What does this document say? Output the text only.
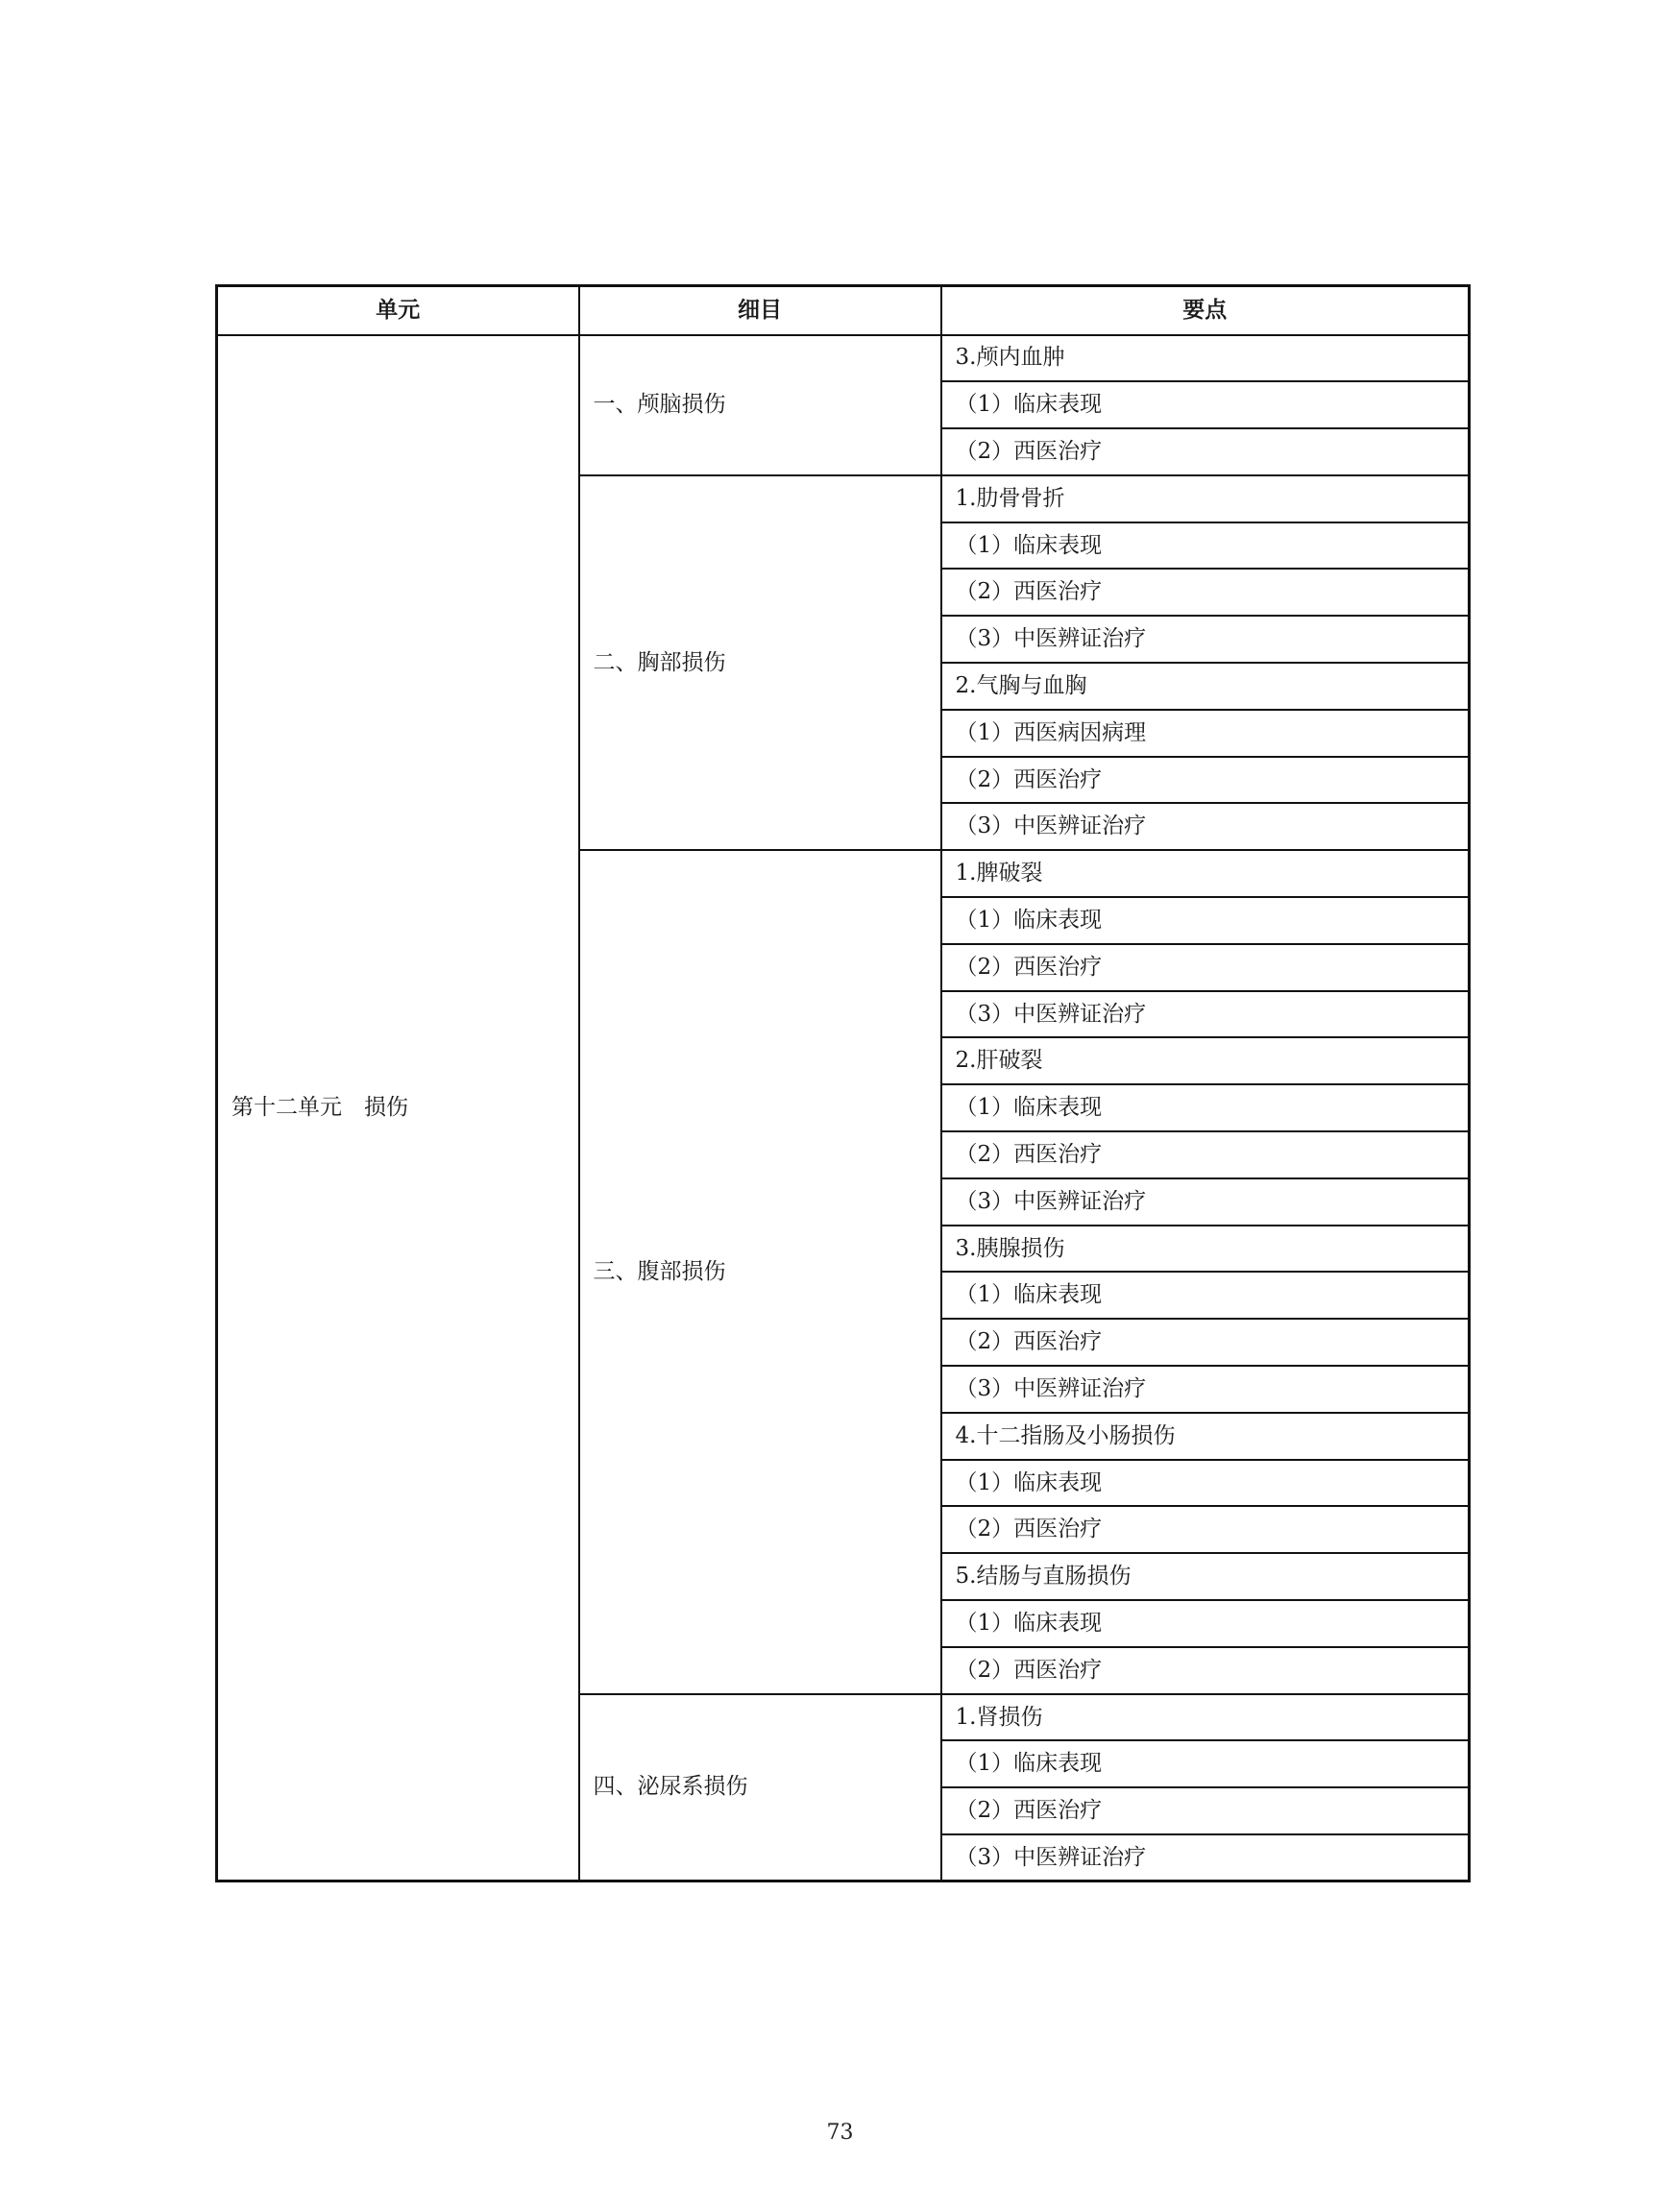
单元	细目	要点
第十二单元　损伤	一、颅脑损伤	3.颅内血肿
		（1）临床表现
		（2）西医治疗
	二、胸部损伤	1.肋骨骨折
		（1）临床表现
		（2）西医治疗
		（3）中医辨证治疗
		2.气胸与血胸
		（1）西医病因病理
		（2）西医治疗
		（3）中医辨证治疗
	三、腹部损伤	1.脾破裂
		（1）临床表现
		（2）西医治疗
		（3）中医辨证治疗
		2.肝破裂
		（1）临床表现
		（2）西医治疗
		（3）中医辨证治疗
		3.胰腺损伤
		（1）临床表现
		（2）西医治疗
		（3）中医辨证治疗
		4.十二指肠及小肠损伤
		（1）临床表现
		（2）西医治疗
		5.结肠与直肠损伤
		（1）临床表现
		（2）西医治疗
	四、泌尿系损伤	1.肾损伤
		（1）临床表现
		（2）西医治疗
		（3）中医辨证治疗
73
